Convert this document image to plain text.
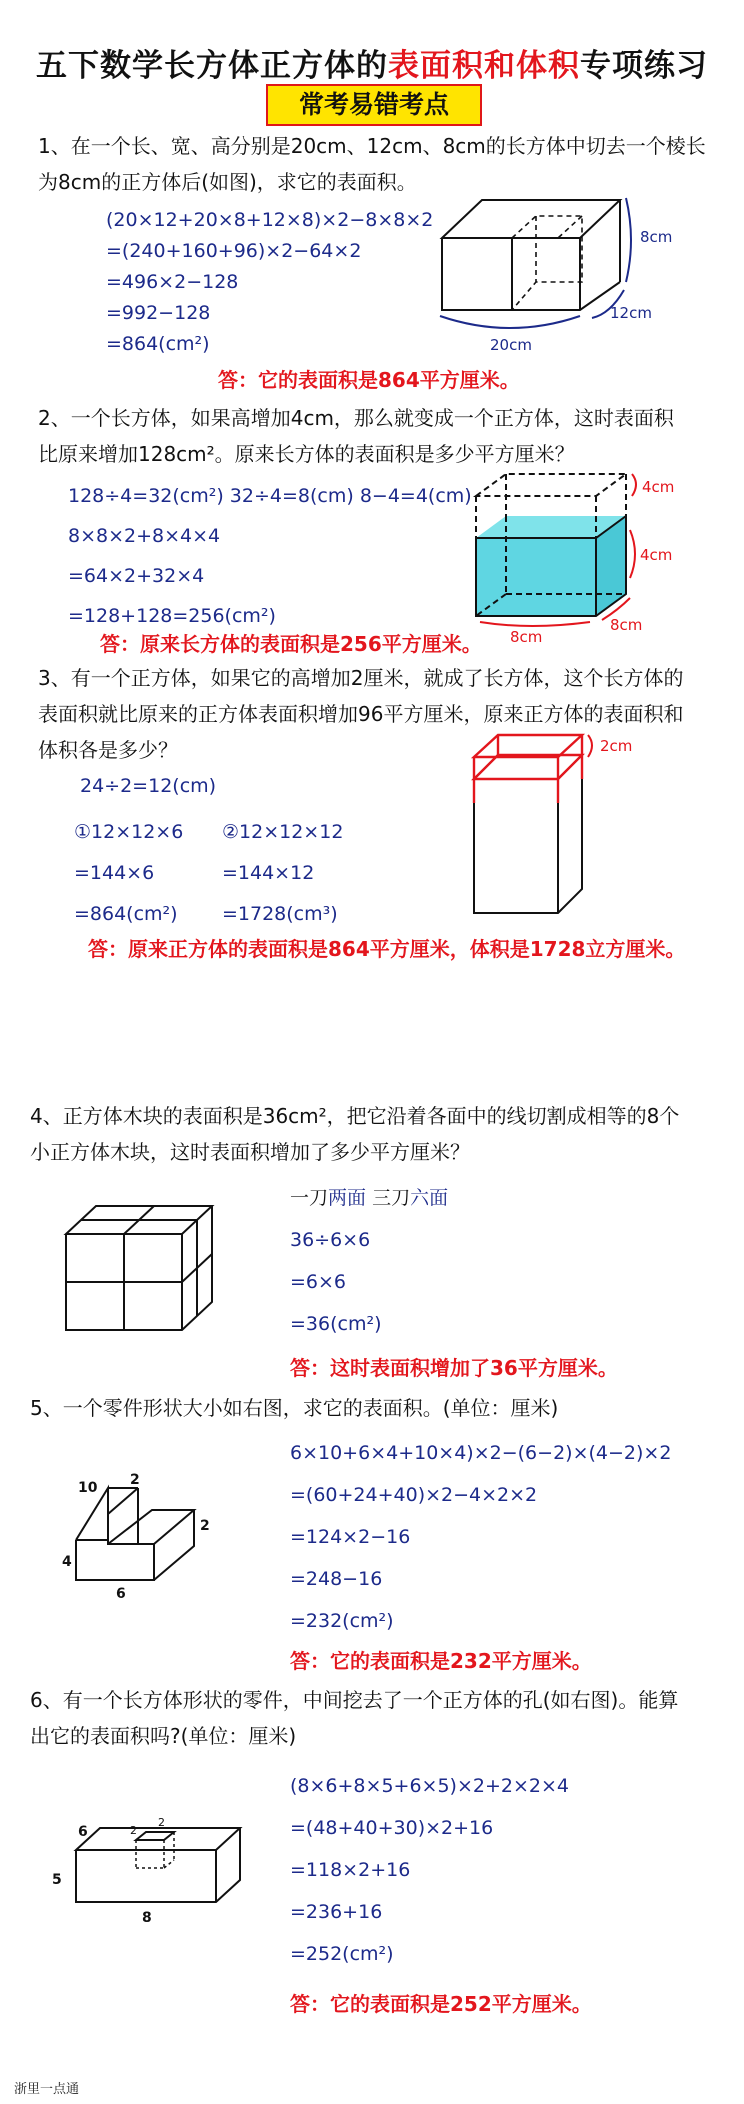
五下数学长方体正方体的表面积和体积专项练习
常考易错考点
1、在一个长、宽、高分别是20cm、12cm、8cm的长方体中切去一个棱长
为8cm的正方体后(如图)，求它的表面积。
(20×12+20×8+12×8)×2−8×8×2
=(240+160+96)×2−64×2
=496×2−128
=992−128
=864(cm²)
答：它的表面积是864平方厘米。
8cm
12cm
20cm
2、一个长方体，如果高增加4cm，那么就变成一个正方体，这时表面积
比原来增加128cm²。原来长方体的表面积是多少平方厘米？
128÷4=32(cm²) 32÷4=8(cm) 8−4=4(cm)
8×8×2+8×4×4
=64×2+32×4
=128+128=256(cm²)
答：原来长方体的表面积是256平方厘米。
4cm
4cm
8cm
8cm
3、有一个正方体，如果它的高增加2厘米，就成了长方体，这个长方体的
表面积就比原来的正方体表面积增加96平方厘米，原来正方体的表面积和
体积各是多少？
24÷2=12(cm)
①12×12×6
=144×6
=864(cm²)
②12×12×12
=144×12
=1728(cm³)
答：原来正方体的表面积是864平方厘米，体积是1728立方厘米。
2cm
4、正方体木块的表面积是36cm²，把它沿着各面中的线切割成相等的8个
小正方体木块，这时表面积增加了多少平方厘米？
一刀两面 三刀六面
36÷6×6
=6×6
=36(cm²)
答：这时表面积增加了36平方厘米。
5、一个零件形状大小如右图，求它的表面积。(单位：厘米)
6×10+6×4+10×4)×2−(6−2)×(4−2)×2
=(60+24+40)×2−4×2×2
=124×2−16
=248−16
=232(cm²)
答：它的表面积是232平方厘米。
2
10
2
4
6
6、有一个长方体形状的零件，中间挖去了一个正方体的孔(如右图)。能算
出它的表面积吗?(单位：厘米)
(8×6+8×5+6×5)×2+2×2×4
=(48+40+30)×2+16
=118×2+16
=236+16
=252(cm²)
答：它的表面积是252平方厘米。
6	2
2
5
8
浙里一点通
